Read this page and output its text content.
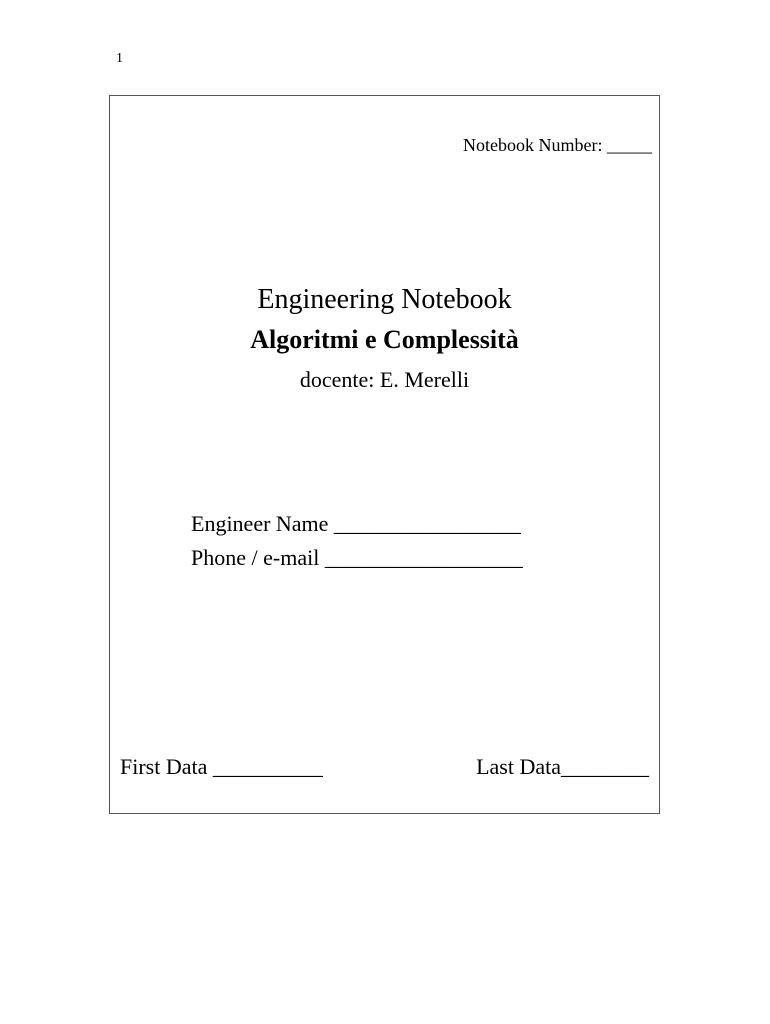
1
Notebook Number: _____
Engineering Notebook
Algoritmi e Complessità
docente: E. Merelli
Engineer Name _________________
Phone / e-mail __________________
First Data __________	Last Data________
